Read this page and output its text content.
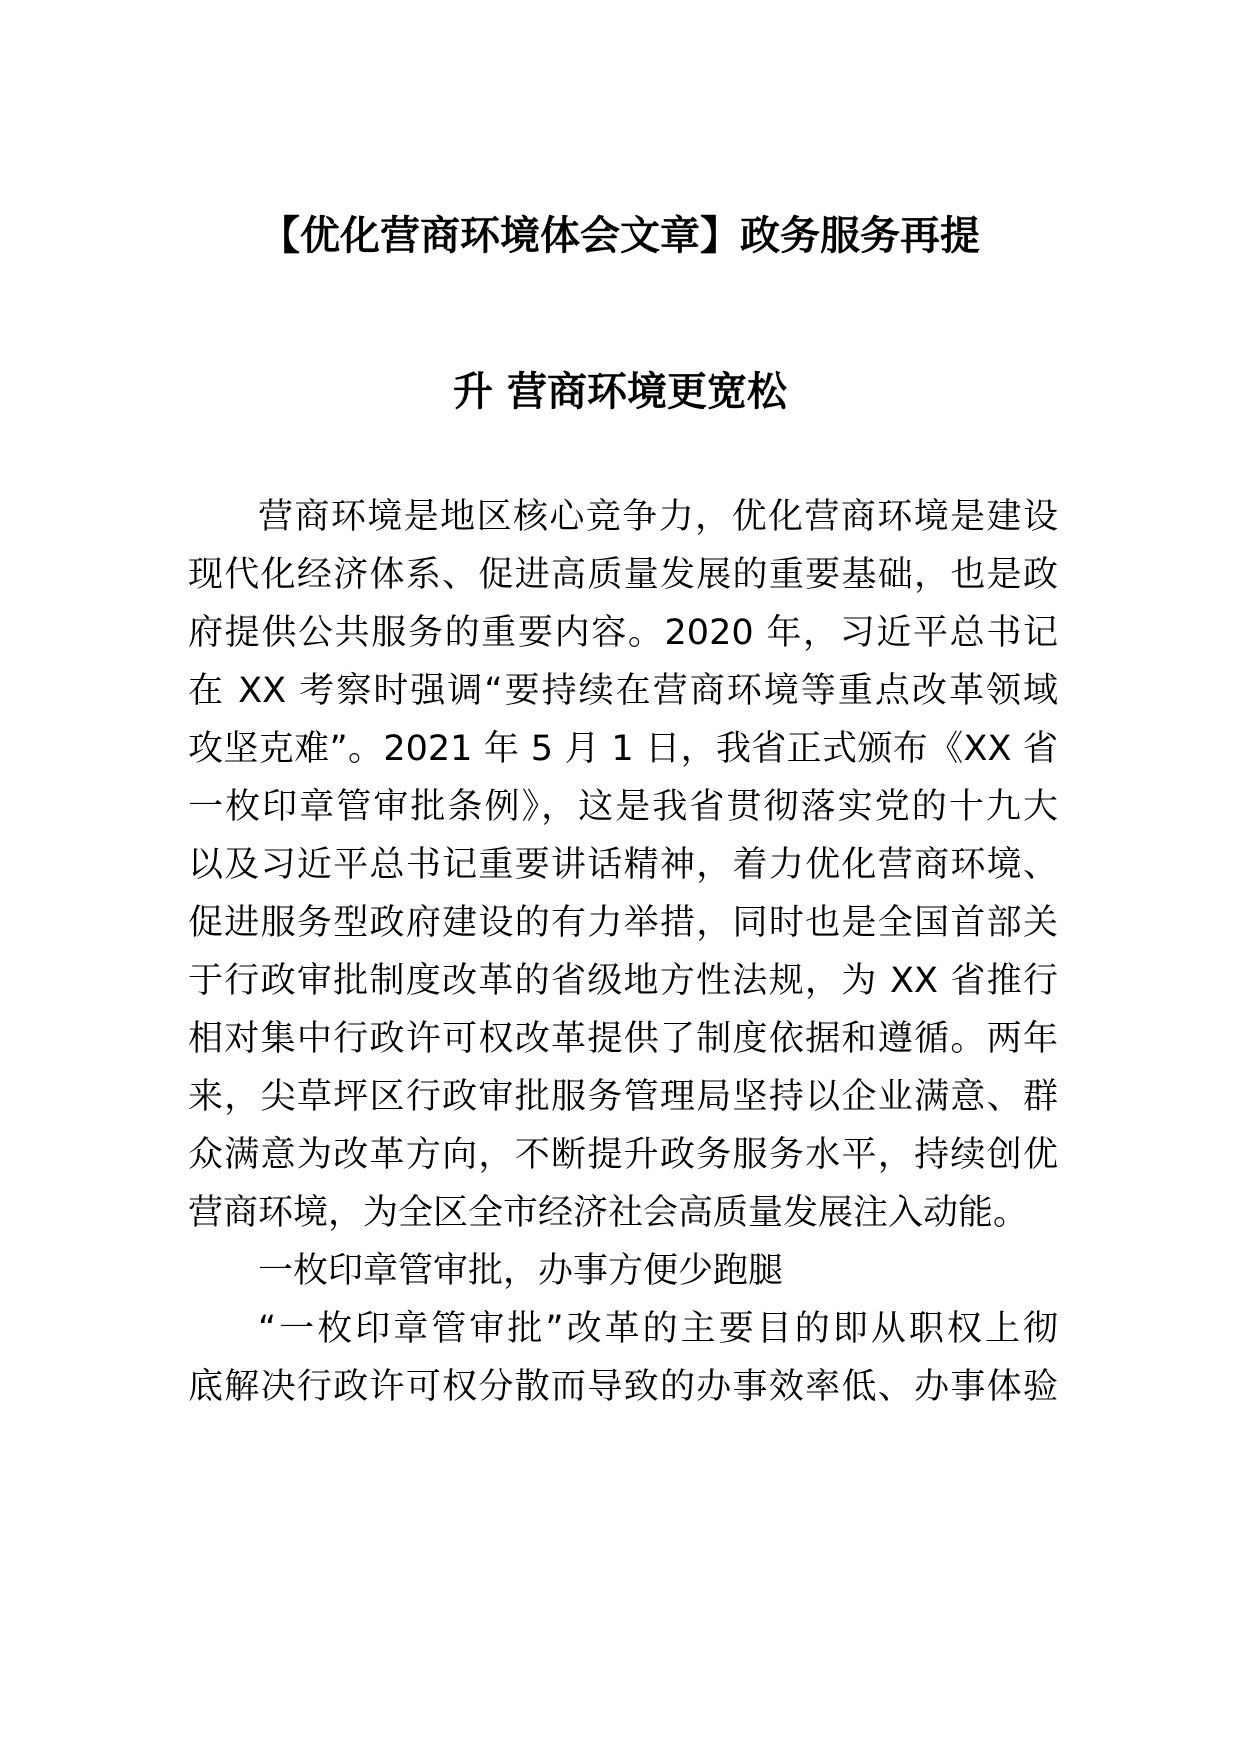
【优化营商环境体会文章】政务服务再提
升 营商环境更宽松
营商环境是地区核心竞争力，优化营商环境是建设
现代化经济体系、促进高质量发展的重要基础，也是政
府提供公共服务的重要内容。2020 年，习近平总书记
在 XX 考察时强调“要持续在营商环境等重点改革领域
攻坚克难”。2021 年 5 月 1 日，我省正式颁布《XX 省
一枚印章管审批条例》，这是我省贯彻落实党的十九大
以及习近平总书记重要讲话精神，着力优化营商环境、
促进服务型政府建设的有力举措，同时也是全国首部关
于行政审批制度改革的省级地方性法规，为 XX 省推行
相对集中行政许可权改革提供了制度依据和遵循。两年
来，尖草坪区行政审批服务管理局坚持以企业满意、群
众满意为改革方向，不断提升政务服务水平，持续创优
营商环境，为全区全市经济社会高质量发展注入动能。
一枚印章管审批，办事方便少跑腿
“一枚印章管审批”改革的主要目的即从职权上彻
底解决行政许可权分散而导致的办事效率低、办事体验
